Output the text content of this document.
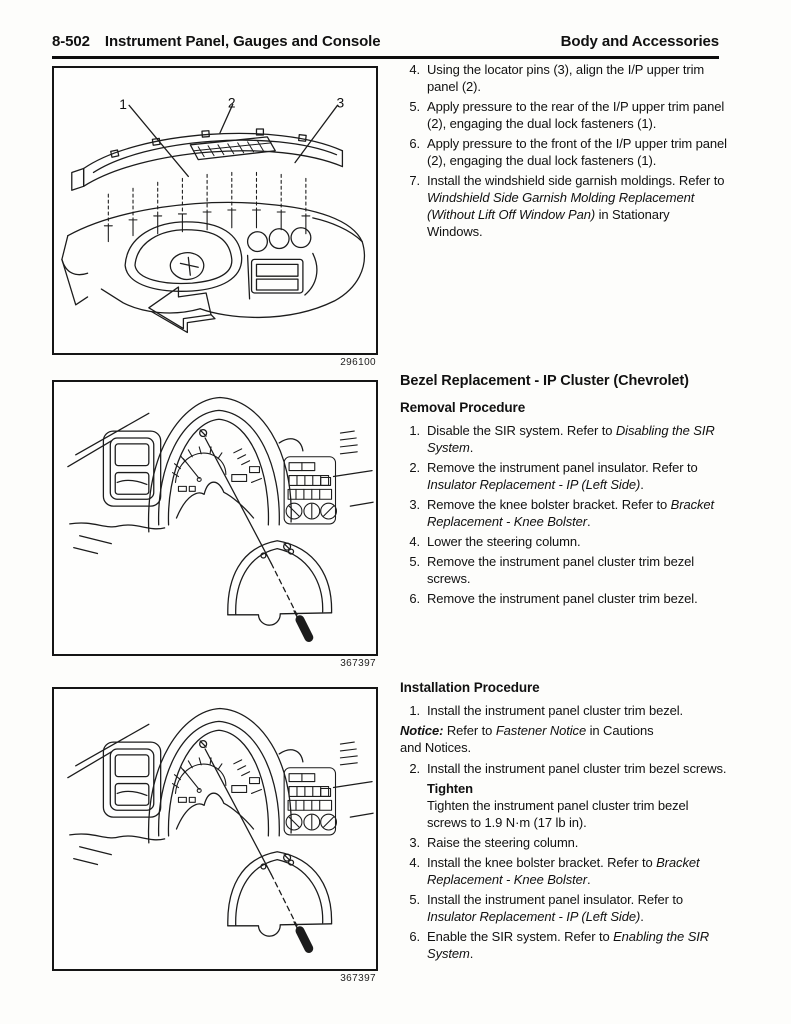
8-502 Instrument Panel, Gauges and Console	Body and Accessories
1	2	3
296100
367397
367397
4. Using the locator pins (3), align the I/P upper trim panel (2).
5. Apply pressure to the rear of the I/P upper trim panel (2), engaging the dual lock fasteners (1).
6. Apply pressure to the front of the I/P upper trim panel (2), engaging the dual lock fasteners (1).
7. Install the windshield side garnish moldings. Refer to Windshield Side Garnish Molding Replacement (Without Lift Off Window Pan) in Stationary Windows.
Bezel Replacement - IP Cluster (Chevrolet)
Removal Procedure
1. Disable the SIR system. Refer to Disabling the SIR System.
2. Remove the instrument panel insulator. Refer to Insulator Replacement - IP (Left Side).
3. Remove the knee bolster bracket. Refer to Bracket Replacement - Knee Bolster.
4. Lower the steering column.
5. Remove the instrument panel cluster trim bezel screws.
6. Remove the instrument panel cluster trim bezel.
Installation Procedure
1. Install the instrument panel cluster trim bezel.
Notice: Refer to Fastener Notice in Cautions and Notices.
2. Install the instrument panel cluster trim bezel screws.
Tighten
Tighten the instrument panel cluster trim bezel screws to 1.9 N·m (17 lb in).
3. Raise the steering column.
4. Install the knee bolster bracket. Refer to Bracket Replacement - Knee Bolster.
5. Install the instrument panel insulator. Refer to Insulator Replacement - IP (Left Side).
6. Enable the SIR system. Refer to Enabling the SIR System.
